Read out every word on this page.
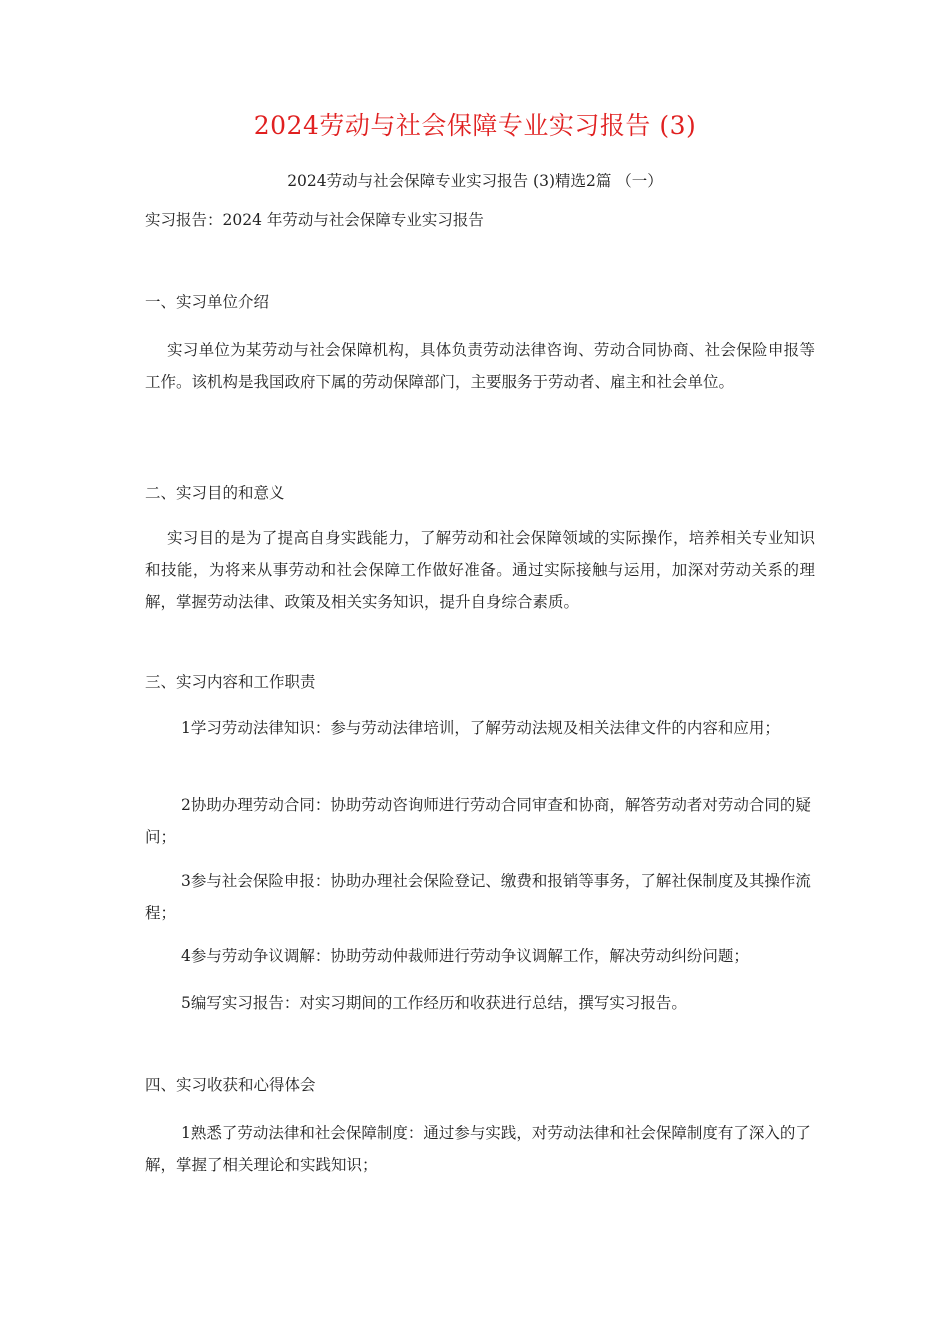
2024劳动与社会保障专业实习报告 (3)
2024劳动与社会保障专业实习报告 (3)精选2篇 （一）
实习报告：2024 年劳动与社会保障专业实习报告
一、实习单位介绍
实习单位为某劳动与社会保障机构，具体负责劳动法律咨询、劳动合同协商、社会保险申报等工作。该机构是我国政府下属的劳动保障部门，主要服务于劳动者、雇主和社会单位。
二、实习目的和意义
实习目的是为了提高自身实践能力，了解劳动和社会保障领域的实际操作，培养相关专业知识和技能，为将来从事劳动和社会保障工作做好准备。通过实际接触与运用，加深对劳动关系的理解，掌握劳动法律、政策及相关实务知识，提升自身综合素质。
三、实习内容和工作职责
1学习劳动法律知识：参与劳动法律培训，了解劳动法规及相关法律文件的内容和应用；
2协助办理劳动合同：协助劳动咨询师进行劳动合同审查和协商，解答劳动者对劳动合同的疑问；
3参与社会保险申报：协助办理社会保险登记、缴费和报销等事务，了解社保制度及其操作流程；
4参与劳动争议调解：协助劳动仲裁师进行劳动争议调解工作，解决劳动纠纷问题；
5编写实习报告：对实习期间的工作经历和收获进行总结，撰写实习报告。
四、实习收获和心得体会
1熟悉了劳动法律和社会保障制度：通过参与实践，对劳动法律和社会保障制度有了深入的了解，掌握了相关理论和实践知识；
